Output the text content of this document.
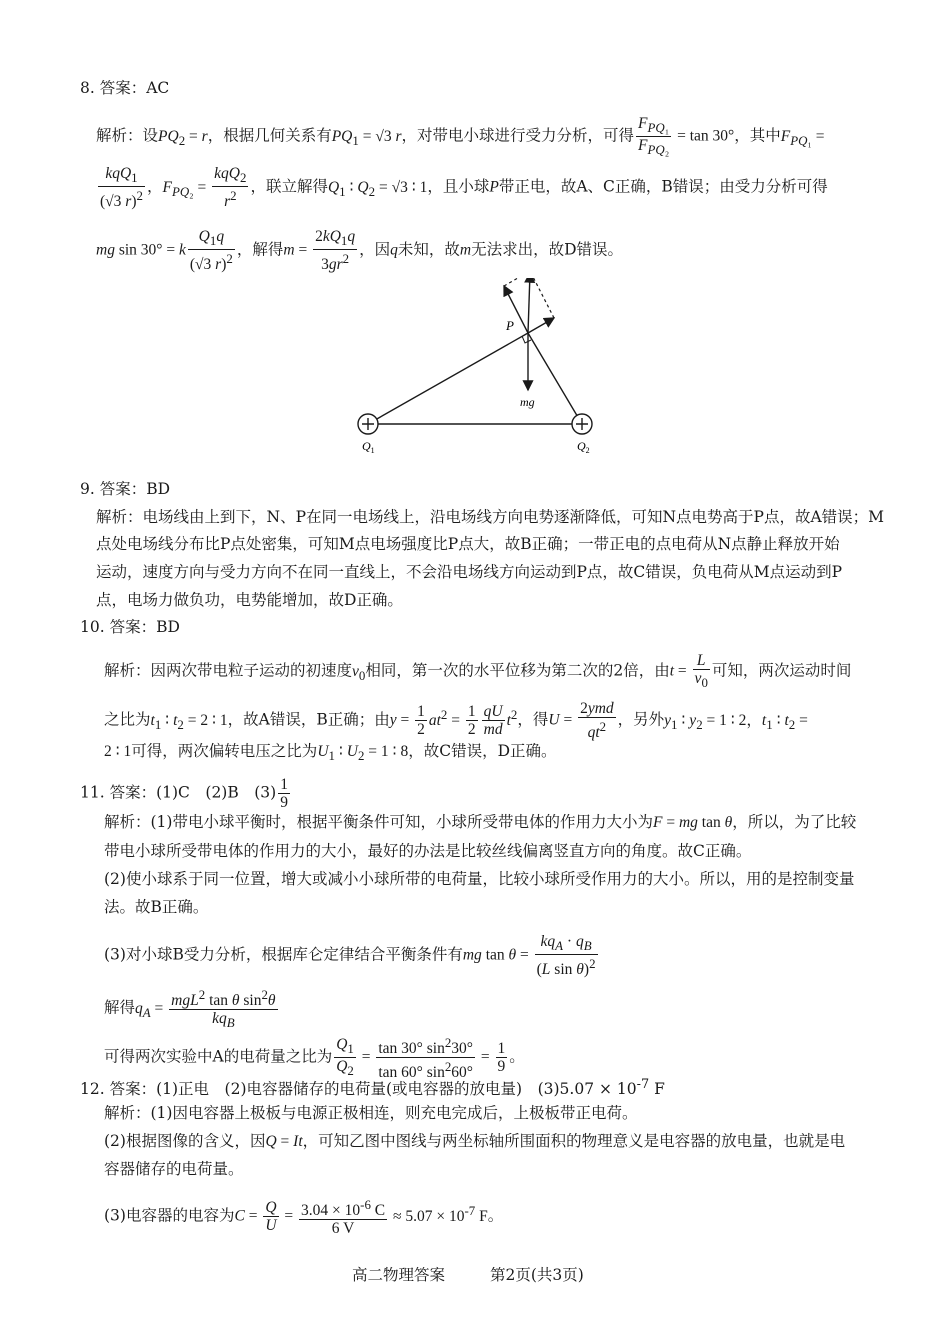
8. 答案：AC
解析：设$PQ_2 = r$，根据几何关系有$PQ_1 = √3$ r，对带电小球进行受力分析，可得 $\frac{F_{PQ_1}}{F_{PQ_2}} = \tan 30^\circ$，其中$F_{PQ_1}$ =
$\frac{kqQ_1}{(√3 r)^2}$ ，$F_{PQ_2} = \frac{kqQ_2}{r^2}$ ，联立解得$Q_1$ ∶ $Q_2 = √3$ ∶ 1，且小球P带正电，故A、C正确，B错误；由受力分析可得
mg sin 30° = k $\frac{Q_1q}{(√3 r)^2}$ ，解得$m = \frac{2kQ_1q}{3gr^2}$ ，因q未知，故m无法求出，故D错误。
P
mg
$Q_1$	$Q_2$
9. 答案：BD
解析：电场线由上到下，N、P在同一电场线上，沿电场线方向电势逐渐降低，可知N点电势高于P点，故A错误；M
点处电场线分布比P点处密集，可知M点电场强度比P点大，故B正确；一带正电的点电荷从N点静止释放开始
运动，速度方向与受力方向不在同一直线上，不会沿电场线方向运动到P点，故C错误，负电荷从M点运动到P
点，电场力做负功，电势能增加，故D正确。
10. 答案：BD
解析：因两次带电粒子运动的初速度$v_0$相同，第一次的水平位移为第二次的2倍，由$t = \frac{L}{v_0}$ 可知，两次运动时间
之比为$t_1$ ∶ $t_2 = 2$ ∶ 1，故A错误，B正确；由$y = \frac{1}{2} at^2 = \frac{1}{2} \frac{qU}{md} t^2$，得$U = \frac{\text{2ymd}}{qt^2}$ ，另外$y_1$ ∶ $y_2 = 1$ ∶ 2，$t_1$ ∶ $t_2$ =
2 ∶ 1可得，两次偏转电压之比为$U_1$ ∶ $U_2 = 1$ ∶ 8，故C错误，D正确。
11. 答案：(1)C　(2)B　$(3) \frac{1}{9}$
解析：(1)带电小球平衡时，根据平衡条件可知，小球所受带电体的作用力大小为F = mg tan θ，所以，为了比较
带电小球所受带电体的作用力的大小，最好的办法是比较丝线偏离竖直方向的角度。故C正确。
(2)使小球系于同一位置，增大或减小小球所带的电荷量，比较小球所受作用力的大小。所以，用的是控制变量
法。故B正确。
(3)对小球B受力分析，根据库仑定律结合平衡条件有mg $\tan \theta = \frac{kq_A \cdot q_B}{(L \sin \theta)^2}$
解得$q_A = \frac{mgL^2 \tan \theta \sin^2\theta}{kq_B}$
可得两次实验中A的电荷量之比为 $\frac{Q_1}{Q_2} = \frac{\tan 30^\circ \sin^230^\circ}{\tan 60^\circ \sin^260^\circ} = \frac{1}{9}$ 。
12. 答案：(1)正电　(2)电容器储存的电荷量(或电容器的放电量)　$(3)5.07 \times 10^{-7}$ F
解析：(1)因电容器上极板与电源正极相连，则充电完成后，上极板带正电荷。
(2)根据图像的含义，因Q = It，可知乙图中图线与两坐标轴所围面积的物理意义是电容器的放电量，也就是电
容器储存的电荷量。
(3)电容器的电容为$C = \frac{Q}{U} = \frac{3.04 \times 10^{-6} C}{6 V} \approx 5.07 \times 10^{-7}$ F。
高二物理答案	第2页(共3页)
